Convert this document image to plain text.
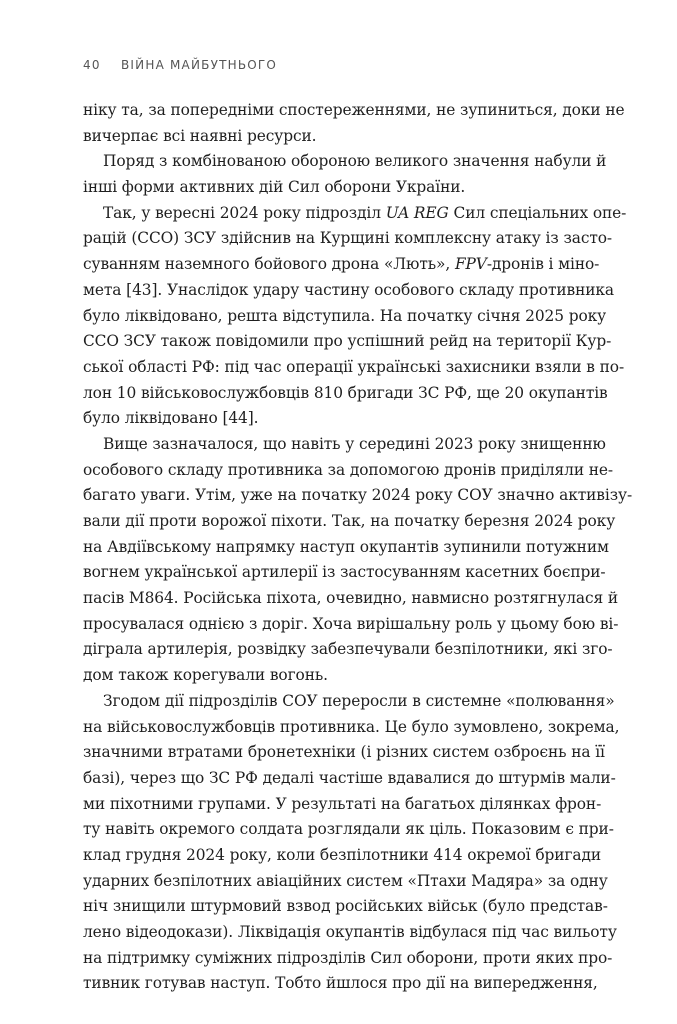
40 ВІЙНА МАЙБУТНЬОГО
ніку та, за попередніми спостереженнями, не зупиниться, доки не
вичерпає всі наявні ресурси.
Поряд з комбінованою обороною великого значення набули й
інші форми активних дій Сил оборони України.
Так, у вересні 2024 року підрозділ UA REG Сил спеціальних опе-
рацій (ССО) ЗСУ здійснив на Курщині комплексну атаку із засто-
суванням наземного бойового дрона «Лють», FPV-дронів і міно-
мета [43]. Унаслідок удару частину особового складу противника
було ліквідовано, решта відступила. На початку січня 2025 року
ССО ЗСУ також повідомили про успішний рейд на території Кур-
ської області РФ: під час операції українські захисники взяли в по-
лон 10 військовослужбовців 810 бригади ЗС РФ, ще 20 окупантів
було ліквідовано [44].
Вище зазначалося, що навіть у середині 2023 року знищенню
особового складу противника за допомогою дронів приділяли не-
багато уваги. Утім, уже на початку 2024 року СОУ значно активізу-
вали дії проти ворожої піхоти. Так, на початку березня 2024 року
на Авдіївському напрямку наступ окупантів зупинили потужним
вогнем української артилерії із застосуванням касетних боєпри-
пасів М864. Російська піхота, очевидно, навмисно розтягнулася й
просувалася однією з доріг. Хоча вирішальну роль у цьому бою ві-
діграла артилерія, розвідку забезпечували безпілотники, які зго-
дом також корегували вогонь.
Згодом дії підрозділів СОУ переросли в системне «полювання»
на військовослужбовців противника. Це було зумовлено, зокрема,
значними втратами бронетехніки (і різних систем озброєнь на її
базі), через що ЗС РФ дедалі частіше вдавалися до штурмів мали-
ми піхотними групами. У результаті на багатьох ділянках фрон-
ту навіть окремого солдата розглядали як ціль. Показовим є при-
клад грудня 2024 року, коли безпілотники 414 окремої бригади
ударних безпілотних авіаційних систем «Птахи Мадяра» за одну
ніч знищили штурмовий взвод російських військ (було представ-
лено відеодокази). Ліквідація окупантів відбулася під час вильоту
на підтримку суміжних підрозділів Сил оборони, проти яких про-
тивник готував наступ. Тобто йшлося про дії на випередження,
